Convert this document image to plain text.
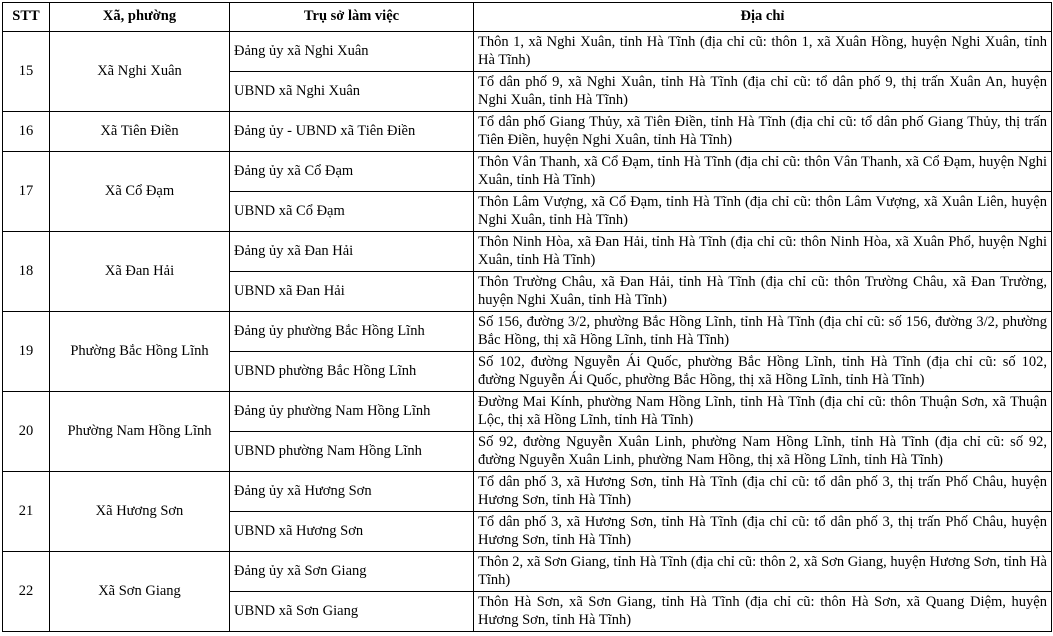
STT	Xã, phường	Trụ sở làm việc	Địa chỉ
15	Xã Nghi Xuân	Đảng ủy xã Nghi Xuân	Thôn 1, xã Nghi Xuân, tỉnh Hà Tĩnh (địa chỉ cũ: thôn 1, xã Xuân Hồng, huyện Nghi Xuân, tỉnh Hà Tĩnh)
		UBND xã Nghi Xuân	Tổ dân phố 9, xã Nghi Xuân, tỉnh Hà Tĩnh (địa chỉ cũ: tổ dân phố 9, thị trấn Xuân An, huyện Nghi Xuân, tỉnh Hà Tĩnh)
16	Xã Tiên Điền	Đảng ủy - UBND xã Tiên Điền	Tổ dân phố Giang Thủy, xã Tiên Điền, tỉnh Hà Tĩnh (địa chỉ cũ: tổ dân phố Giang Thủy, thị trấn Tiên Điền, huyện Nghi Xuân, tỉnh Hà Tĩnh)
17	Xã Cổ Đạm	Đảng ủy xã Cổ Đạm	Thôn Vân Thanh, xã Cổ Đạm, tỉnh Hà Tĩnh (địa chỉ cũ: thôn Vân Thanh, xã Cổ Đạm, huyện Nghi Xuân, tỉnh Hà Tĩnh)
		UBND xã Cổ Đạm	Thôn Lâm Vượng, xã Cổ Đạm, tỉnh Hà Tĩnh (địa chỉ cũ: thôn Lâm Vượng, xã Xuân Liên, huyện Nghi Xuân, tỉnh Hà Tĩnh)
18	Xã Đan Hải	Đảng ủy xã Đan Hải	Thôn Ninh Hòa, xã Đan Hải, tỉnh Hà Tĩnh (địa chỉ cũ: thôn Ninh Hòa, xã Xuân Phổ, huyện Nghi Xuân, tỉnh Hà Tĩnh)
		UBND xã Đan Hải	Thôn Trường Châu, xã Đan Hải, tỉnh Hà Tĩnh (địa chỉ cũ: thôn Trường Châu, xã Đan Trường, huyện Nghi Xuân, tỉnh Hà Tĩnh)
19	Phường Bắc Hồng Lĩnh	Đảng ủy phường Bắc Hồng Lĩnh	Số 156, đường 3/2, phường Bắc Hồng Lĩnh, tỉnh Hà Tĩnh (địa chỉ cũ: số 156, đường 3/2, phường Bắc Hồng, thị xã Hồng Lĩnh, tỉnh Hà Tĩnh)
		UBND phường Bắc Hồng Lĩnh	Số 102, đường Nguyễn Ái Quốc, phường Bắc Hồng Lĩnh, tỉnh Hà Tĩnh (địa chỉ cũ: số 102, đường Nguyễn Ái Quốc, phường Bắc Hồng, thị xã Hồng Lĩnh, tỉnh Hà Tĩnh)
20	Phường Nam Hồng Lĩnh	Đảng ủy phường Nam Hồng Lĩnh	Đường Mai Kính, phường Nam Hồng Lĩnh, tỉnh Hà Tĩnh (địa chỉ cũ: thôn Thuận Sơn, xã Thuận Lộc, thị xã Hồng Lĩnh, tỉnh Hà Tĩnh)
		UBND phường Nam Hồng Lĩnh	Số 92, đường Nguyễn Xuân Linh, phường Nam Hồng Lĩnh, tỉnh Hà Tĩnh (địa chỉ cũ: số 92, đường Nguyễn Xuân Linh, phường Nam Hồng, thị xã Hồng Lĩnh, tỉnh Hà Tĩnh)
21	Xã Hương Sơn	Đảng ủy xã Hương Sơn	Tổ dân phố 3, xã Hương Sơn, tỉnh Hà Tĩnh (địa chỉ cũ: tổ dân phố 3, thị trấn Phố Châu, huyện Hương Sơn, tỉnh Hà Tĩnh)
		UBND xã Hương Sơn	Tổ dân phố 3, xã Hương Sơn, tỉnh Hà Tĩnh (địa chỉ cũ: tổ dân phố 3, thị trấn Phố Châu, huyện Hương Sơn, tỉnh Hà Tĩnh)
22	Xã Sơn Giang	Đảng ủy xã Sơn Giang	Thôn 2, xã Sơn Giang, tỉnh Hà Tĩnh (địa chỉ cũ: thôn 2, xã Sơn Giang, huyện Hương Sơn, tỉnh Hà Tĩnh)
		UBND xã Sơn Giang	Thôn Hà Sơn, xã Sơn Giang, tỉnh Hà Tĩnh (địa chỉ cũ: thôn Hà Sơn, xã Quang Diệm, huyện Hương Sơn, tỉnh Hà Tĩnh)
